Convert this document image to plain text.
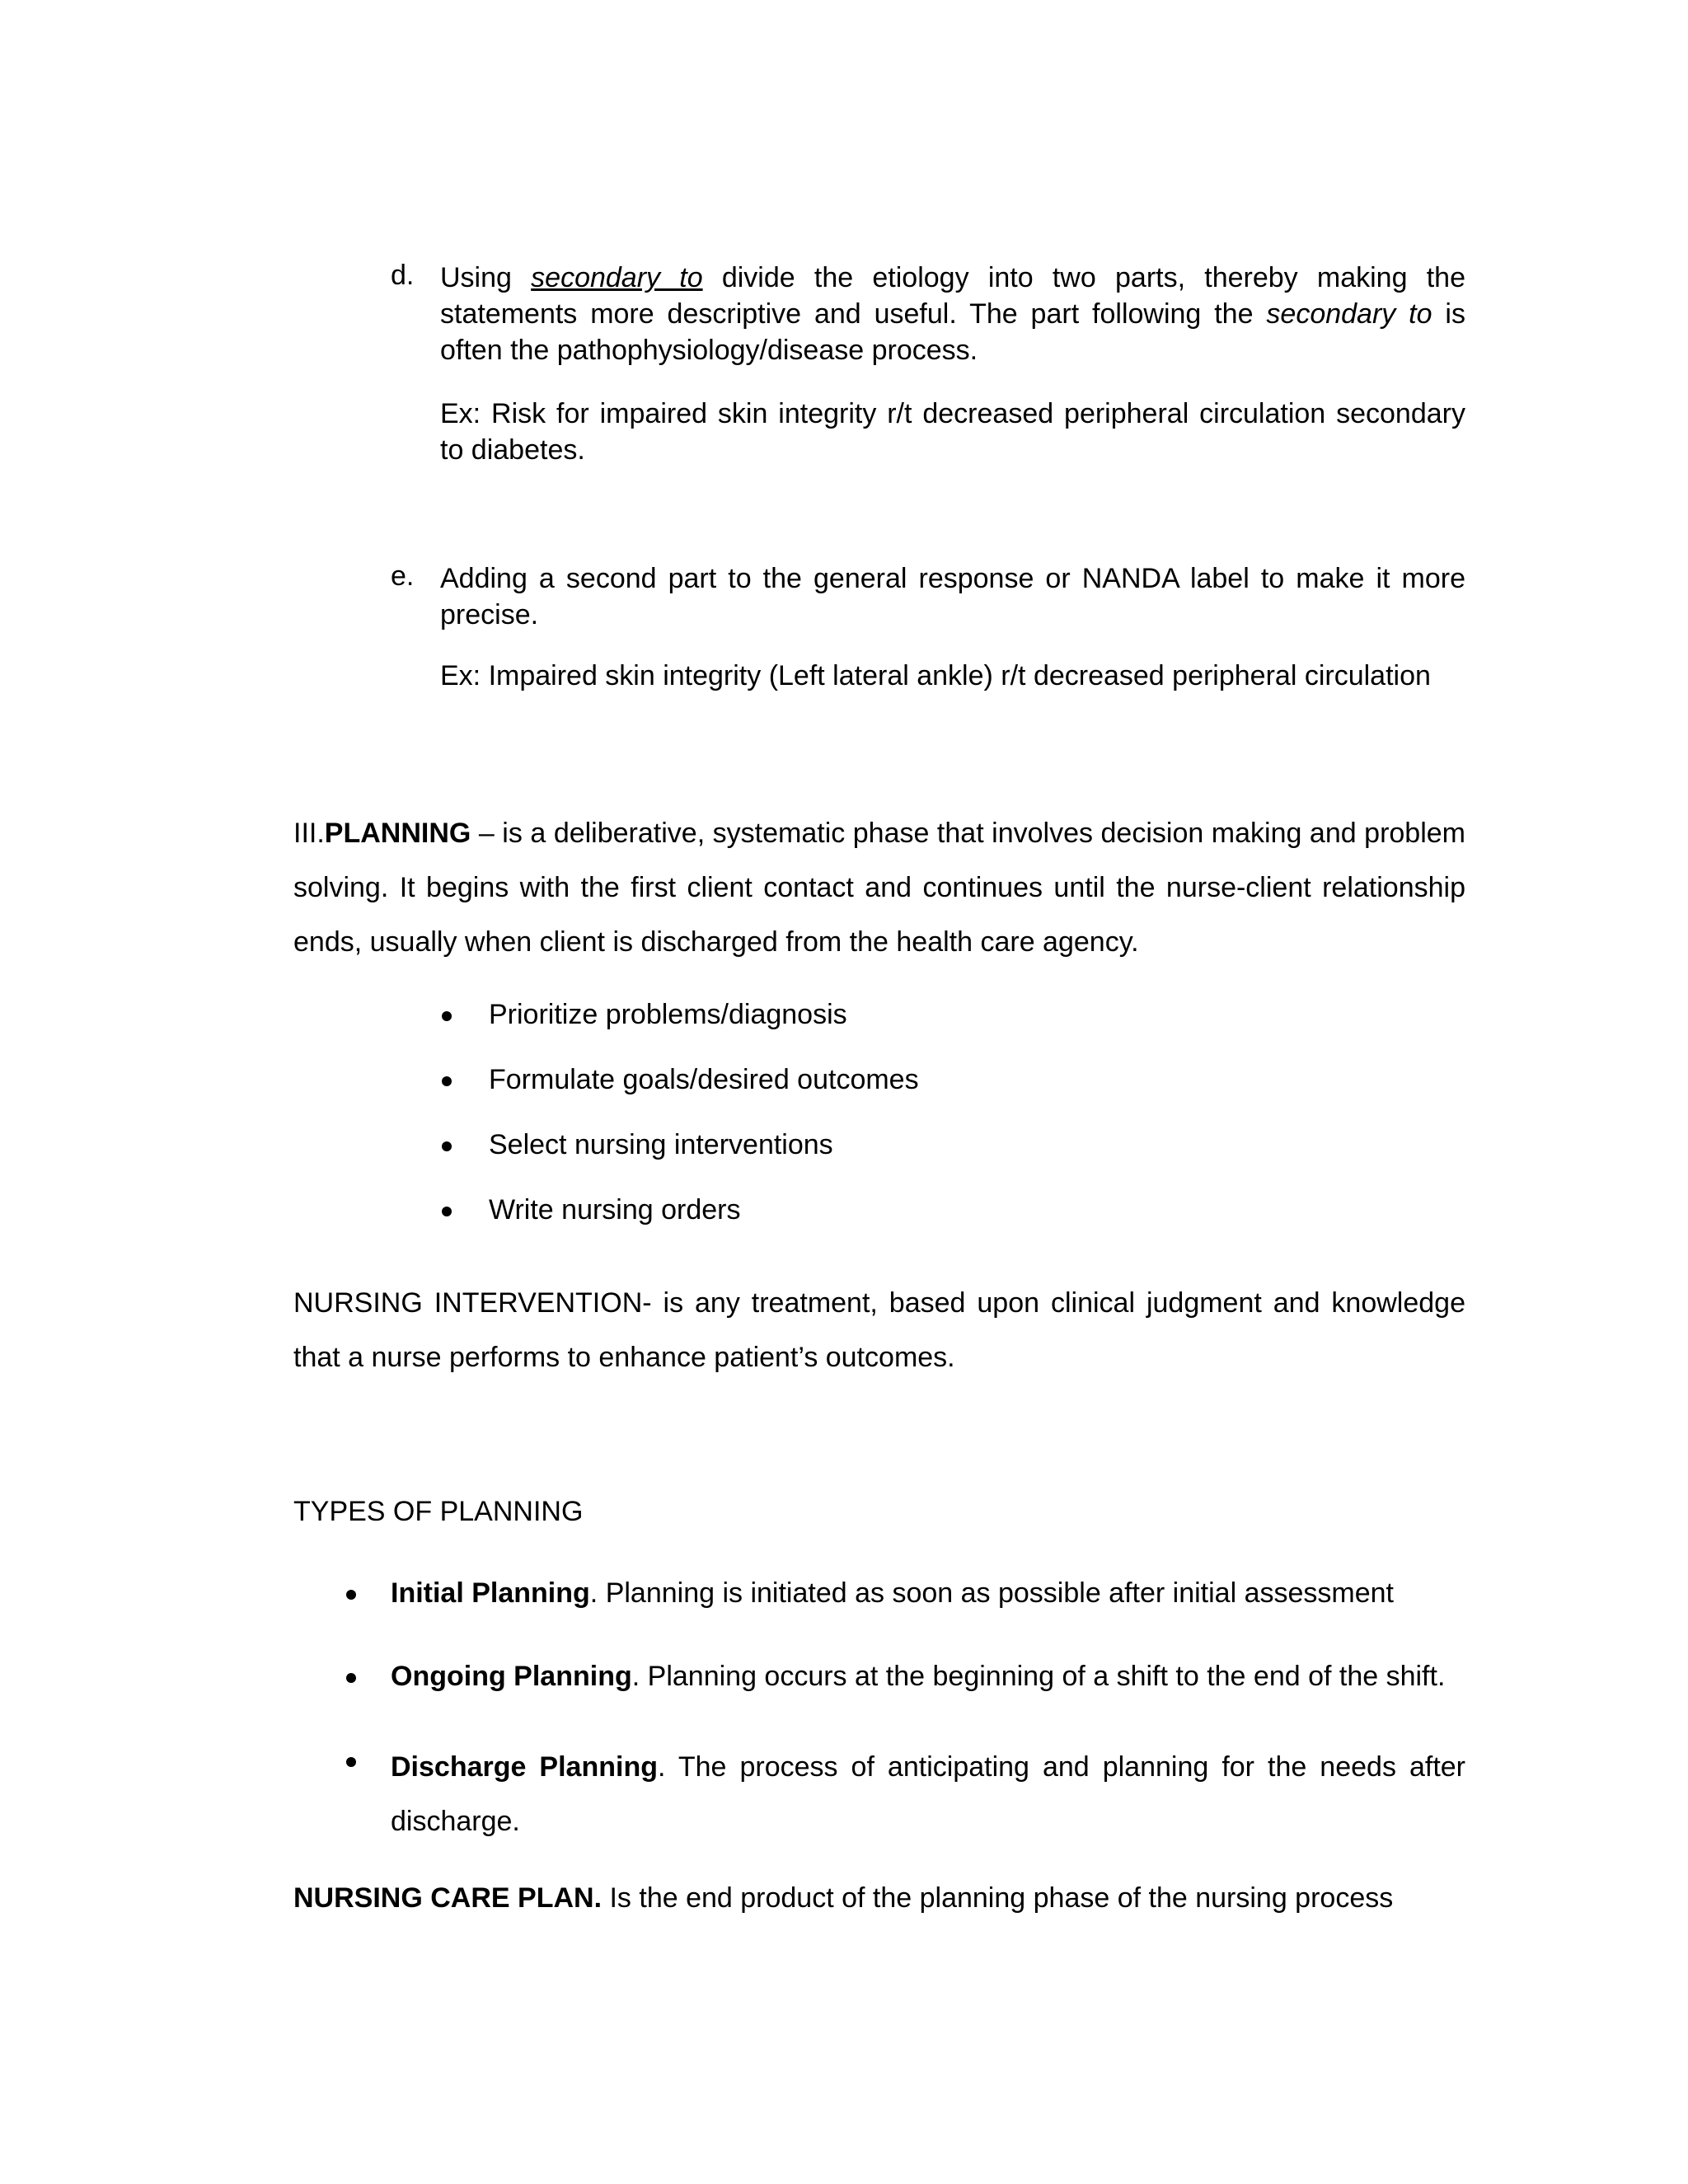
d. Using secondary to divide the etiology into two parts, thereby making the statements more descriptive and useful. The part following the secondary to is often the pathophysiology/disease process.
Ex: Risk for impaired skin integrity r/t decreased peripheral circulation secondary to diabetes.
e. Adding a second part to the general response or NANDA label to make it more precise.
Ex: Impaired skin integrity (Left lateral ankle) r/t decreased peripheral circulation
III.PLANNING – is a deliberative, systematic phase that involves decision making and problem solving. It begins with the first client contact and continues until the nurse-client relationship ends, usually when client is discharged from the health care agency.
Prioritize problems/diagnosis
Formulate goals/desired outcomes
Select nursing interventions
Write nursing orders
NURSING INTERVENTION- is any treatment, based upon clinical judgment and knowledge that a nurse performs to enhance patient’s outcomes.
TYPES OF PLANNING
Initial Planning. Planning is initiated as soon as possible after initial assessment
Ongoing Planning. Planning occurs at the beginning of a shift to the end of the shift.
Discharge Planning. The process of anticipating and planning for the needs after discharge.
NURSING CARE PLAN. Is the end product of the planning phase of the nursing process
